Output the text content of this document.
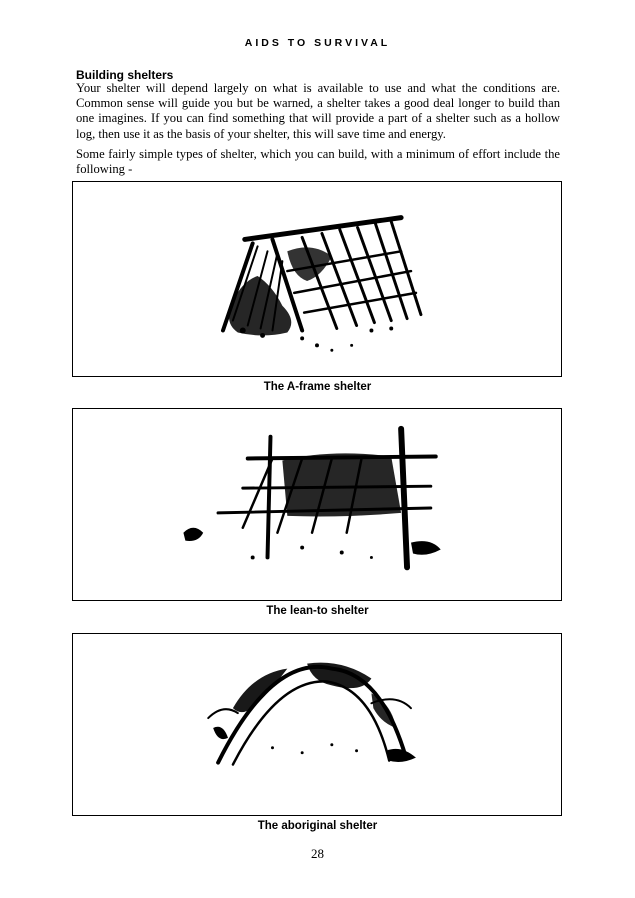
AIDS TO SURVIVAL
Building shelters
Your shelter will depend largely on what is available to use and what the conditions are. Common sense will guide you but be warned, a shelter takes a good deal longer to build than one imagines. If you can find something that will provide a part of a shelter such as a hollow log, then use it as the basis of your shelter, this will save time and energy.
Some fairly simple types of shelter, which you can build, with a minimum of effort include the following -
The A-frame shelter
The lean-to shelter
The aboriginal shelter
28
